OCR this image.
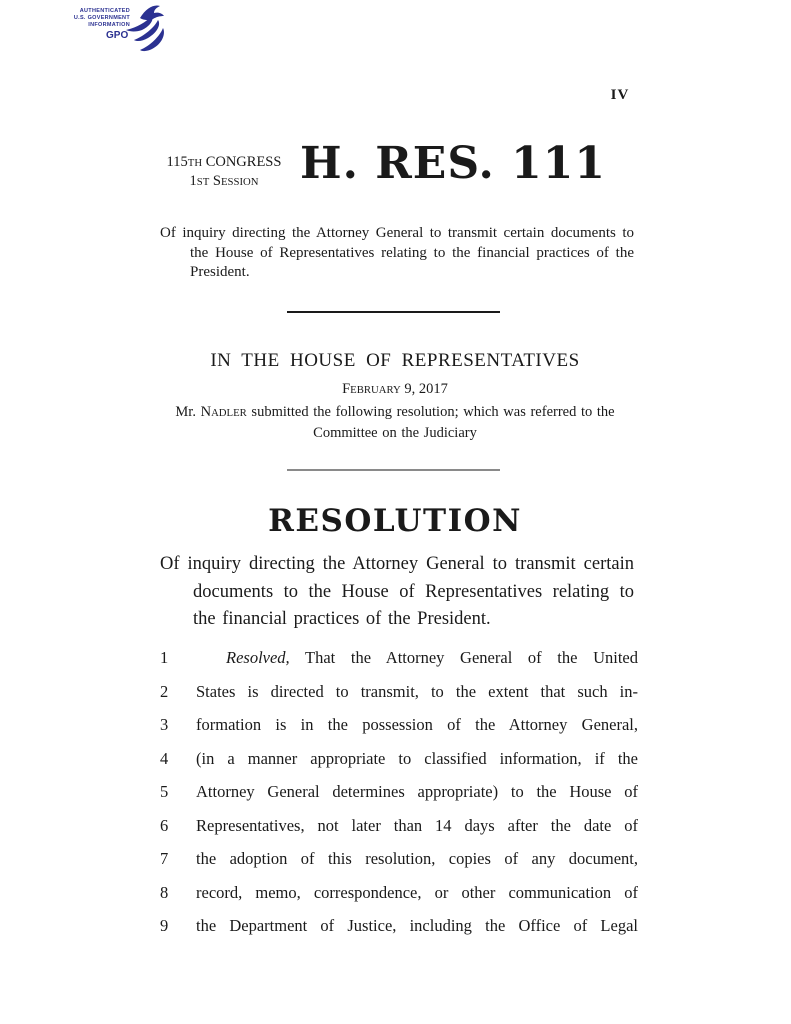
AUTHENTICATED
U.S. GOVERNMENT
INFORMATION
GPO
IV
115TH CONGRESS
1ST SESSION H. RES. 111
Of inquiry directing the Attorney General to transmit certain documents to the House of Representatives relating to the financial practices of the President.
IN THE HOUSE OF REPRESENTATIVES
FEBRUARY 9, 2017
Mr. NADLER submitted the following resolution; which was referred to the Committee on the Judiciary
RESOLUTION
Of inquiry directing the Attorney General to transmit certain documents to the House of Representatives relating to the financial practices of the President.
1	Resolved, That the Attorney General of the United
2	States is directed to transmit, to the extent that such in-
3	formation is in the possession of the Attorney General,
4	(in a manner appropriate to classified information, if the
5	Attorney General determines appropriate) to the House of
6	Representatives, not later than 14 days after the date of
7	the adoption of this resolution, copies of any document,
8	record, memo, correspondence, or other communication of
9	the Department of Justice, including the Office of Legal
